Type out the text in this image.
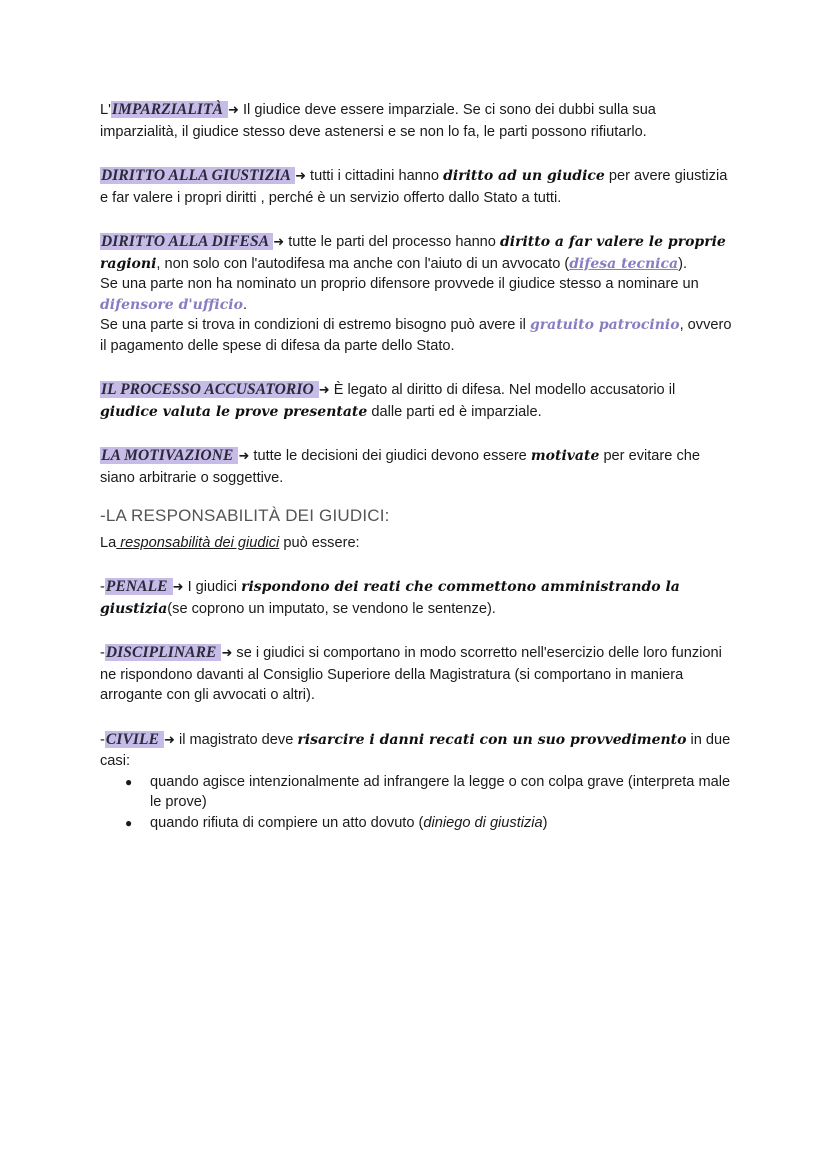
L'IMPARZIALITÀ ➜ Il giudice deve essere imparziale. Se ci sono dei dubbi sulla sua imparzialità, il giudice stesso deve astenersi e se non lo fa, le parti possono rifiutarlo.

DIRITTO ALLA GIUSTIZIA ➜ tutti i cittadini hanno diritto ad un giudice per avere giustizia e far valere i propri diritti , perché è un servizio offerto dallo Stato a tutti.

DIRITTO ALLA DIFESA ➜ tutte le parti del processo hanno diritto a far valere le proprie ragioni, non solo con l'autodifesa ma anche con l'aiuto di un avvocato (difesa tecnica).
Se una parte non ha nominato un proprio difensore provvede il giudice stesso a nominare un difensore d'ufficio.
Se una parte si trova in condizioni di estremo bisogno può avere il gratuito patrocinio, ovvero il pagamento delle spese di difesa da parte dello Stato.

IL PROCESSO ACCUSATORIO ➜ È legato al diritto di difesa. Nel modello accusatorio il giudice valuta le prove presentate dalle parti ed è imparziale.

LA MOTIVAZIONE ➜ tutte le decisioni dei giudici devono essere motivate per evitare che siano arbitrarie o soggettive.

-LA RESPONSABILITÀ DEI GIUDICI:

La responsabilità dei giudici può essere:

-PENALE ➜ I giudici rispondono dei reati che commettono amministrando la giustizia(se coprono un imputato, se vendono le sentenze).

-DISCIPLINARE ➜ se i giudici si comportano in modo scorretto nell'esercizio delle loro funzioni ne rispondono davanti al Consiglio Superiore della Magistratura (si comportano in maniera arrogante con gli avvocati o altri).

-CIVILE ➜ il magistrato deve risarcire i danni recati con un suo provvedimento in due casi:

● quando agisce intenzionalmente ad infrangere la legge o con colpa grave (interpreta male le prove)
● quando rifiuta di compiere un atto dovuto (diniego di giustizia)
